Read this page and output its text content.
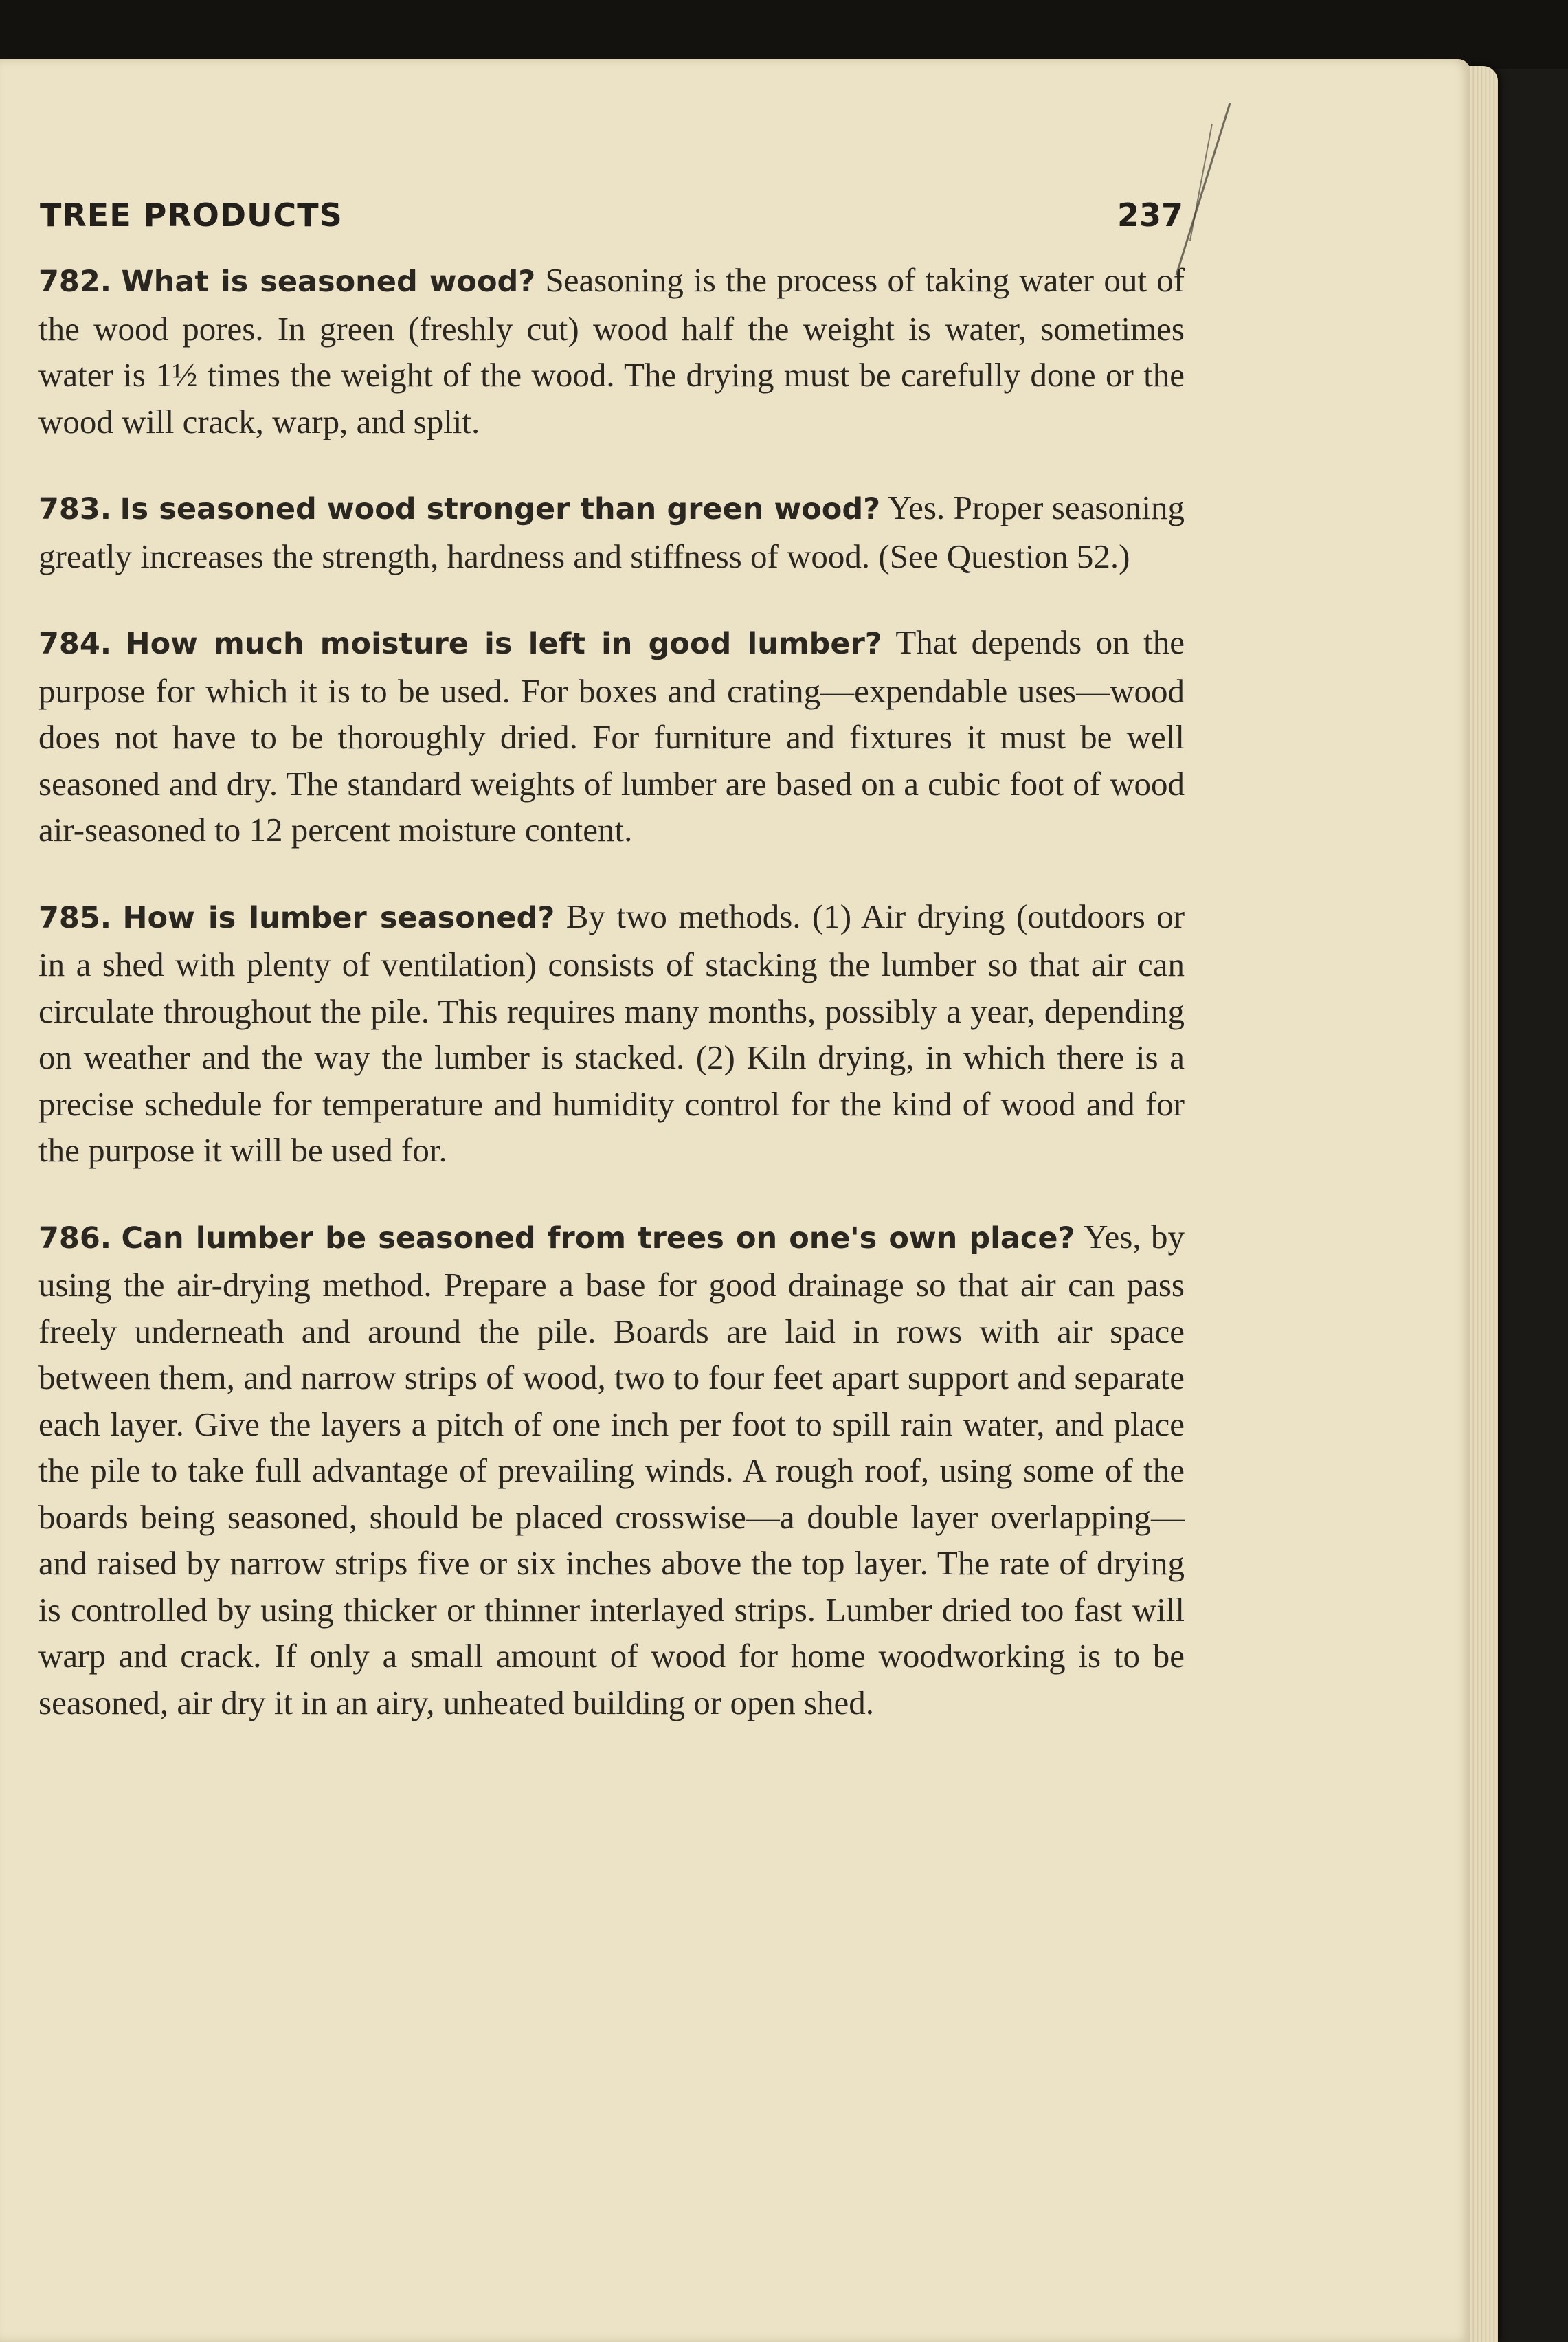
TREE PRODUCTS	237

782. What is seasoned wood? Seasoning is the process of taking water out of the wood pores. In green (freshly cut) wood half the weight is water, sometimes water is 1½ times the weight of the wood. The drying must be carefully done or the wood will crack, warp, and split.

783. Is seasoned wood stronger than green wood? Yes. Proper seasoning greatly increases the strength, hardness and stiffness of wood. (See Question 52.)

784. How much moisture is left in good lumber? That depends on the purpose for which it is to be used. For boxes and crating—expendable uses—wood does not have to be thoroughly dried. For furniture and fixtures it must be well seasoned and dry. The standard weights of lumber are based on a cubic foot of wood air-seasoned to 12 percent moisture content.

785. How is lumber seasoned? By two methods. (1) Air drying (outdoors or in a shed with plenty of ventilation) consists of stacking the lumber so that air can circulate throughout the pile. This requires many months, possibly a year, depending on weather and the way the lumber is stacked. (2) Kiln drying, in which there is a precise schedule for temperature and humidity control for the kind of wood and for the purpose it will be used for.

786. Can lumber be seasoned from trees on one's own place? Yes, by using the air-drying method. Prepare a base for good drainage so that air can pass freely underneath and around the pile. Boards are laid in rows with air space between them, and narrow strips of wood, two to four feet apart support and separate each layer. Give the layers a pitch of one inch per foot to spill rain water, and place the pile to take full advantage of prevailing winds. A rough roof, using some of the boards being seasoned, should be placed crosswise—a double layer overlapping—and raised by narrow strips five or six inches above the top layer. The rate of drying is controlled by using thicker or thinner interlayed strips. Lumber dried too fast will warp and crack. If only a small amount of wood for home woodworking is to be seasoned, air dry it in an airy, unheated building or open shed.
